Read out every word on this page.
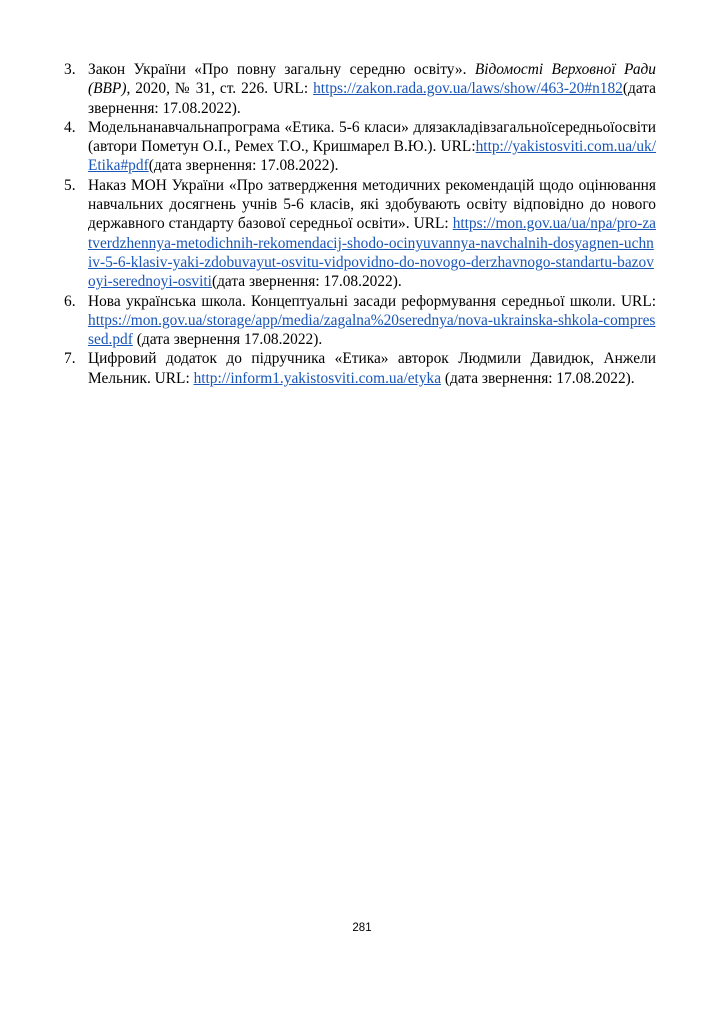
3. Закон України «Про повну загальну середню освіту». Відомості Верховної Ради (ВВР), 2020, № 31, ст. 226. URL: https://zakon.rada.gov.ua/laws/show/463-20#n182(дата звернення: 17.08.2022).
4. Модельнанавчальнапрограма «Етика. 5-6 класи» длязакладівзагальноїсередньоїосвіти (автори Пометун О.І., Ремех Т.О., Кришмарел В.Ю.). URL:http://yakistosviti.com.ua/uk/ Etika#pdf(дата звернення: 17.08.2022).
5. Наказ МОН України «Про затвердження методичних рекомендацій щодо оцінювання навчальних досягнень учнів 5-6 класів, які здобувають освіту відповідно до нового державного стандарту базової середньої освіти». URL: https://mon.gov.ua/ua/npa/pro-zatverdzhennya-metodichnih-rekomendacij-shodo-ocinyuvannya-navchalnih-dosyagnen-uchniv-5-6-klasiv-yaki-zdobuvayut-osvitu-vidpovidno-do-novogo-derzhavnogo-standartu-bazovoyi-serednoyi-osviti(дата звернення: 17.08.2022).
6. Нова українська школа. Концептуальні засади реформування середньої школи. URL: https://mon.gov.ua/storage/app/media/zagalna%20serednya/nova-ukrainska-shkola-compressed.pdf (дата звернення 17.08.2022).
7. Цифровий додаток до підручника «Етика» авторок Людмили Давидюк, Анжели Мельник. URL: http://inform1.yakistosviti.com.ua/etyka (дата звернення: 17.08.2022).
281
